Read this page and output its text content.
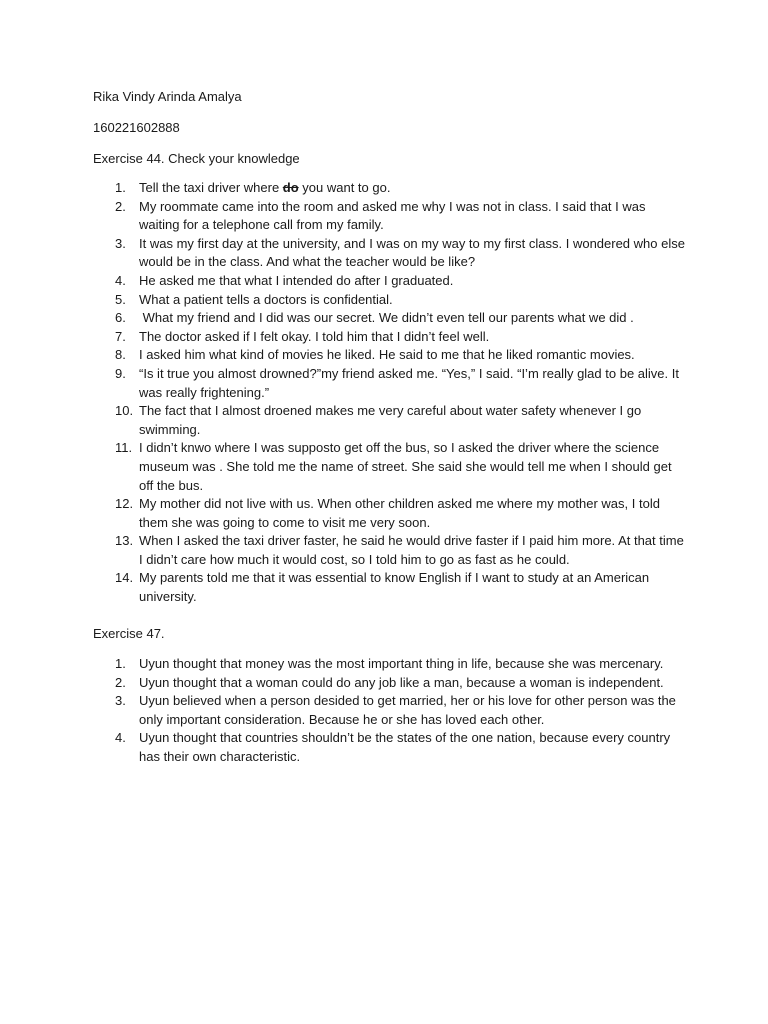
Rika Vindy Arinda Amalya

160221602888

Exercise 44. Check your knowledge

1. Tell the taxi driver where do you want to go.
2. My roommate came into the room and asked me why I was not in class. I said that I was waiting for a telephone call from my family.
3. It was my first day at the university, and I was on my way to my first class. I wondered who else would be in the class. And what the teacher would be like?
4. He asked me that what I intended do after I graduated.
5. What a patient tells a doctors is confidential.
6. What my friend and I did was our secret. We didn’t even tell our parents what we did .
7. The doctor asked if I felt okay. I told him that I didn’t feel well.
8. I asked him what kind of movies he liked. He said to me that he liked romantic movies.
9. “Is it true you almost drowned?”my friend asked me. “Yes,” I said. “I’m really glad to be alive. It was really frightening.”
10. The fact that I almost droened makes me very careful about water safety whenever I go swimming.
11. I didn’t knwo where I was supposto get off the bus, so I asked the driver where the science museum was . She told me the name of street. She said she would tell me when I should get off the bus.
12. My mother did not live with us. When other children asked me where my mother was, I told them she was going to come to visit me very soon.
13. When I asked the taxi driver faster, he said he would drive faster if I paid him more. At that time I didn’t care how much it would cost, so I told him to go as fast as he could.
14. My parents told me that it was essential to know English if I want to study at an American university.

Exercise 47.

1. Uyun thought that money was the most important thing in life, because she was mercenary.
2. Uyun thought that a woman could do any job like a man, because a woman is independent.
3. Uyun believed when a person desided to get married, her or his love for other person was the only important consideration. Because he or she has loved each other.
4. Uyun thought that countries shouldn’t be the states of the one nation, because every country has their own characteristic.
